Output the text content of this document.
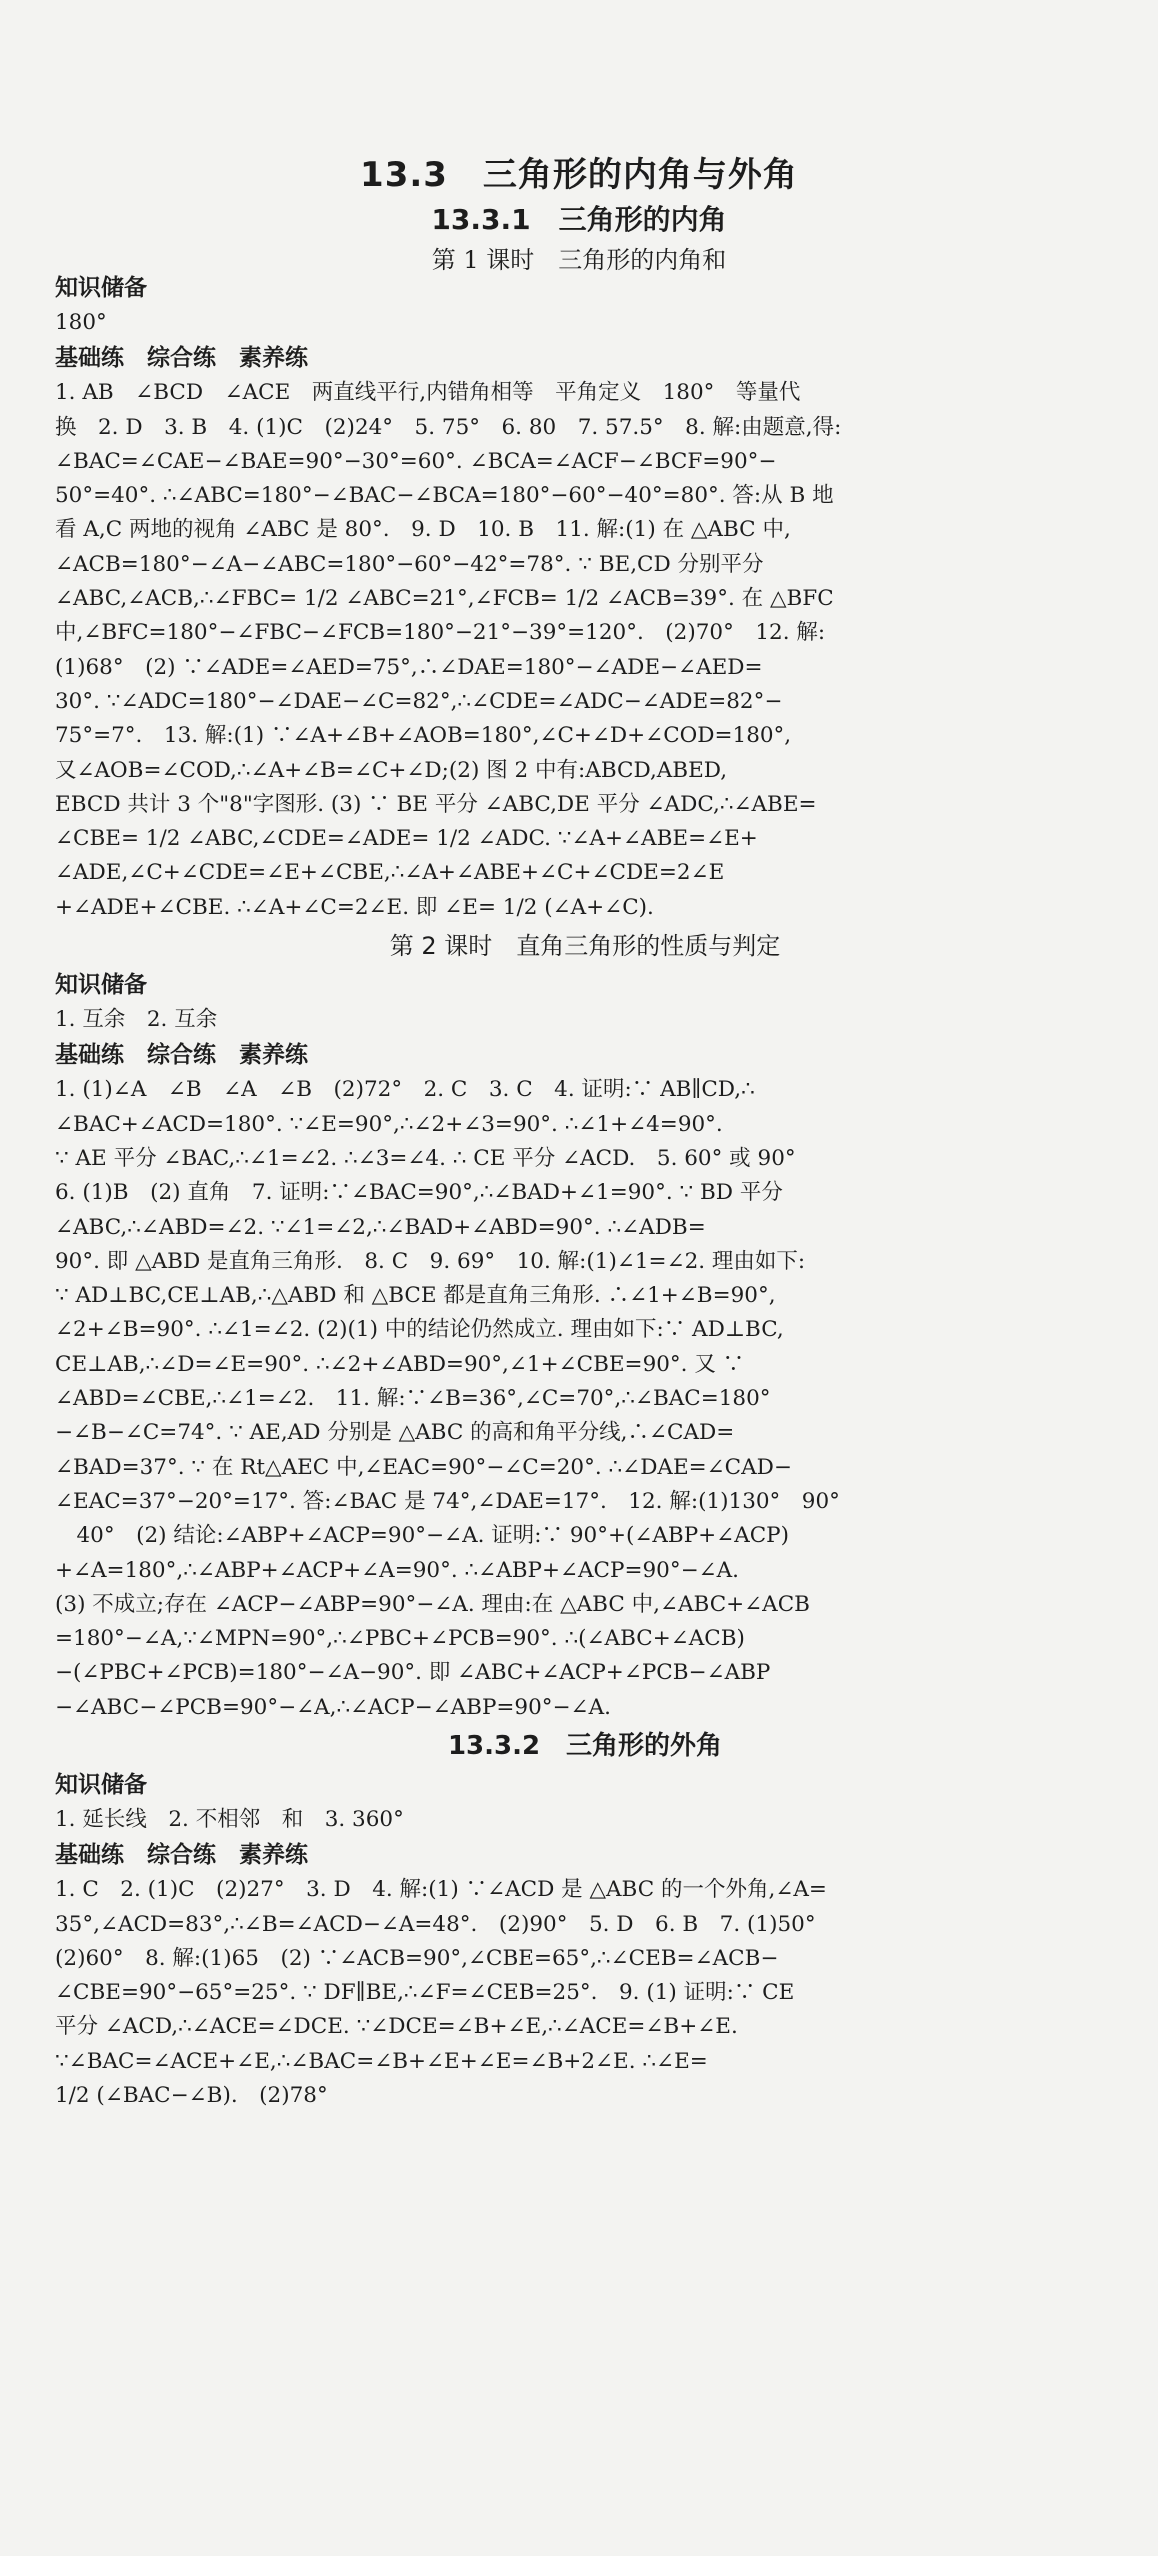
13.3　三角形的内角与外角
13.3.1　三角形的内角
第 1 课时　三角形的内角和
知识储备

180°

基础练　综合练　素养练

1. AB　∠BCD　∠ACE　两直线平行,内错角相等　平角定义　180°　等量代

换　2. D　3. B　4. (1)C　(2)24°　5. 75°　6. 80　7. 57.5°　8. 解:由题意,得:

∠BAC=∠CAE−∠BAE=90°−30°=60°. ∠BCA=∠ACF−∠BCF=90°−

50°=40°. ∴∠ABC=180°−∠BAC−∠BCA=180°−60°−40°=80°. 答:从 B 地

看 A,C 两地的视角 ∠ABC 是 80°.　9. D　10. B　11. 解:(1) 在 △ABC 中,

∠ACB=180°−∠A−∠ABC=180°−60°−42°=78°. ∵ BE,CD 分别平分

∠ABC,∠ACB,∴∠FBC= 1/2 ∠ABC=21°,∠FCB= 1/2 ∠ACB=39°. 在 △BFC

中,∠BFC=180°−∠FBC−∠FCB=180°−21°−39°=120°.　(2)70°　12. 解:

(1)68°　(2) ∵∠ADE=∠AED=75°,∴∠DAE=180°−∠ADE−∠AED=

30°. ∵∠ADC=180°−∠DAE−∠C=82°,∴∠CDE=∠ADC−∠ADE=82°−

75°=7°.　13. 解:(1) ∵∠A+∠B+∠AOB=180°,∠C+∠D+∠COD=180°,

又∠AOB=∠COD,∴∠A+∠B=∠C+∠D;(2) 图 2 中有:ABCD,ABED,

EBCD 共计 3 个"8"字图形. (3) ∵ BE 平分 ∠ABC,DE 平分 ∠ADC,∴∠ABE=

∠CBE= 1/2 ∠ABC,∠CDE=∠ADE= 1/2 ∠ADC. ∵∠A+∠ABE=∠E+

∠ADE,∠C+∠CDE=∠E+∠CBE,∴∠A+∠ABE+∠C+∠CDE=2∠E

+∠ADE+∠CBE. ∴∠A+∠C=2∠E. 即 ∠E= 1/2 (∠A+∠C).

第 2 课时　直角三角形的性质与判定
知识储备

1. 互余　2. 互余

基础练　综合练　素养练

1. (1)∠A　∠B　∠A　∠B　(2)72°　2. C　3. C　4. 证明:∵ AB∥CD,∴

∠BAC+∠ACD=180°. ∵∠E=90°,∴∠2+∠3=90°. ∴∠1+∠4=90°.

∵ AE 平分 ∠BAC,∴∠1=∠2. ∴∠3=∠4. ∴ CE 平分 ∠ACD.　5. 60° 或 90°

6. (1)B　(2) 直角　7. 证明:∵∠BAC=90°,∴∠BAD+∠1=90°. ∵ BD 平分

∠ABC,∴∠ABD=∠2. ∵∠1=∠2,∴∠BAD+∠ABD=90°. ∴∠ADB=

90°. 即 △ABD 是直角三角形.　8. C　9. 69°　10. 解:(1)∠1=∠2. 理由如下:

∵ AD⊥BC,CE⊥AB,∴△ABD 和 △BCE 都是直角三角形. ∴∠1+∠B=90°,

∠2+∠B=90°. ∴∠1=∠2. (2)(1) 中的结论仍然成立. 理由如下:∵ AD⊥BC,

CE⊥AB,∴∠D=∠E=90°. ∴∠2+∠ABD=90°,∠1+∠CBE=90°. 又 ∵

∠ABD=∠CBE,∴∠1=∠2.　11. 解:∵∠B=36°,∠C=70°,∴∠BAC=180°

−∠B−∠C=74°. ∵ AE,AD 分别是 △ABC 的高和角平分线,∴∠CAD=

∠BAD=37°. ∵ 在 Rt△AEC 中,∠EAC=90°−∠C=20°. ∴∠DAE=∠CAD−

∠EAC=37°−20°=17°. 答:∠BAC 是 74°,∠DAE=17°.　12. 解:(1)130°　90°

　40°　(2) 结论:∠ABP+∠ACP=90°−∠A. 证明:∵ 90°+(∠ABP+∠ACP)

+∠A=180°,∴∠ABP+∠ACP+∠A=90°. ∴∠ABP+∠ACP=90°−∠A.

(3) 不成立;存在 ∠ACP−∠ABP=90°−∠A. 理由:在 △ABC 中,∠ABC+∠ACB

=180°−∠A,∵∠MPN=90°,∴∠PBC+∠PCB=90°. ∴(∠ABC+∠ACB)

−(∠PBC+∠PCB)=180°−∠A−90°. 即 ∠ABC+∠ACP+∠PCB−∠ABP

−∠ABC−∠PCB=90°−∠A,∴∠ACP−∠ABP=90°−∠A.

13.3.2　三角形的外角
知识储备

1. 延长线　2. 不相邻　和　3. 360°

基础练　综合练　素养练

1. C　2. (1)C　(2)27°　3. D　4. 解:(1) ∵∠ACD 是 △ABC 的一个外角,∠A=

35°,∠ACD=83°,∴∠B=∠ACD−∠A=48°.　(2)90°　5. D　6. B　7. (1)50°

(2)60°　8. 解:(1)65　(2) ∵∠ACB=90°,∠CBE=65°,∴∠CEB=∠ACB−

∠CBE=90°−65°=25°. ∵ DF∥BE,∴∠F=∠CEB=25°.　9. (1) 证明:∵ CE

平分 ∠ACD,∴∠ACE=∠DCE. ∵∠DCE=∠B+∠E,∴∠ACE=∠B+∠E.

∵∠BAC=∠ACE+∠E,∴∠BAC=∠B+∠E+∠E=∠B+2∠E. ∴∠E=

1/2 (∠BAC−∠B).　(2)78°
